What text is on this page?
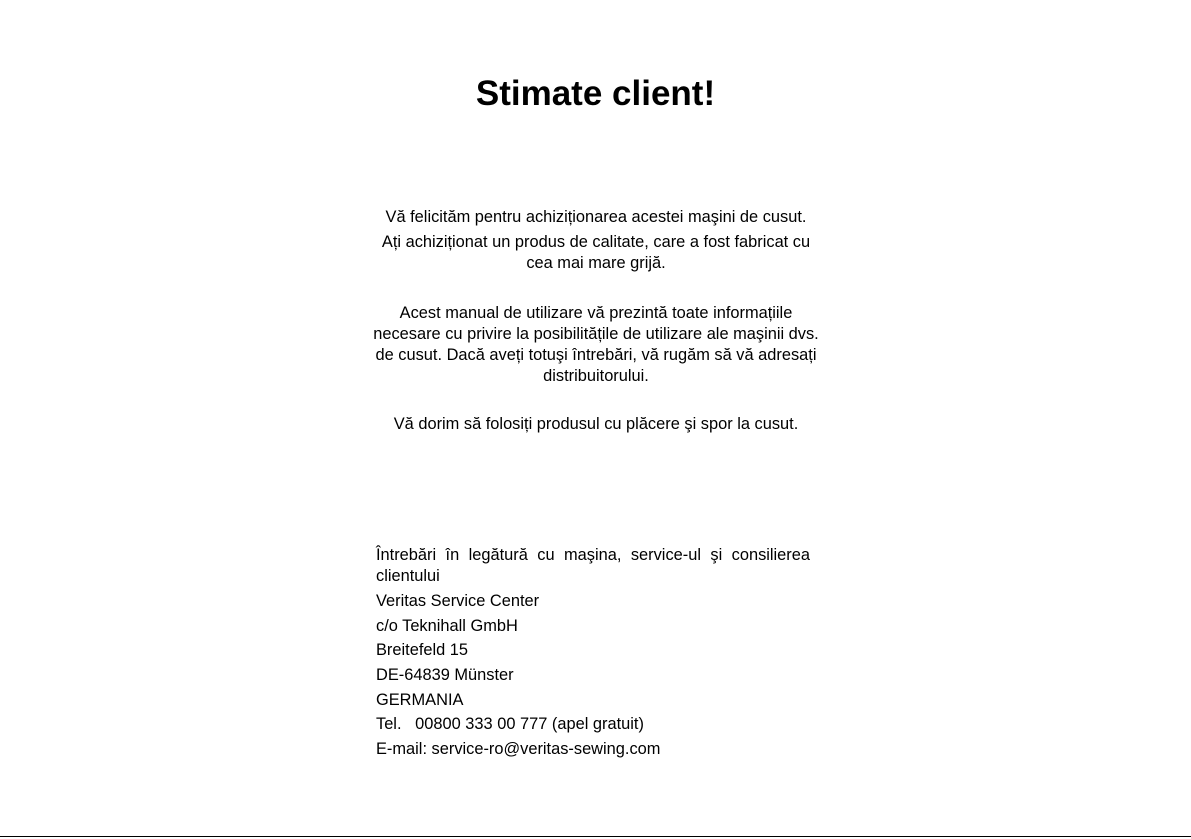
Stimate client!

Vă felicităm pentru achiziționarea acestei maşini de cusut.

Ați achiziționat un produs de calitate, care a fost fabricat cu cea mai mare grijă.

Acest manual de utilizare vă prezintă toate informațiile necesare cu privire la posibilitățile de utilizare ale maşinii dvs. de cusut. Dacă aveți totuşi întrebări, vă rugăm să vă adresați distribuitorului.

Vă dorim să folosiți produsul cu plăcere şi spor la cusut.

Întrebări în legătură cu maşina, service-ul şi consilierea clientului

Veritas Service Center

c/o Teknihall GmbH

Breitefeld 15

DE-64839 Münster

GERMANIA

Tel.   00800 333 00 777 (apel gratuit)

E-mail: service-ro@veritas-sewing.com
